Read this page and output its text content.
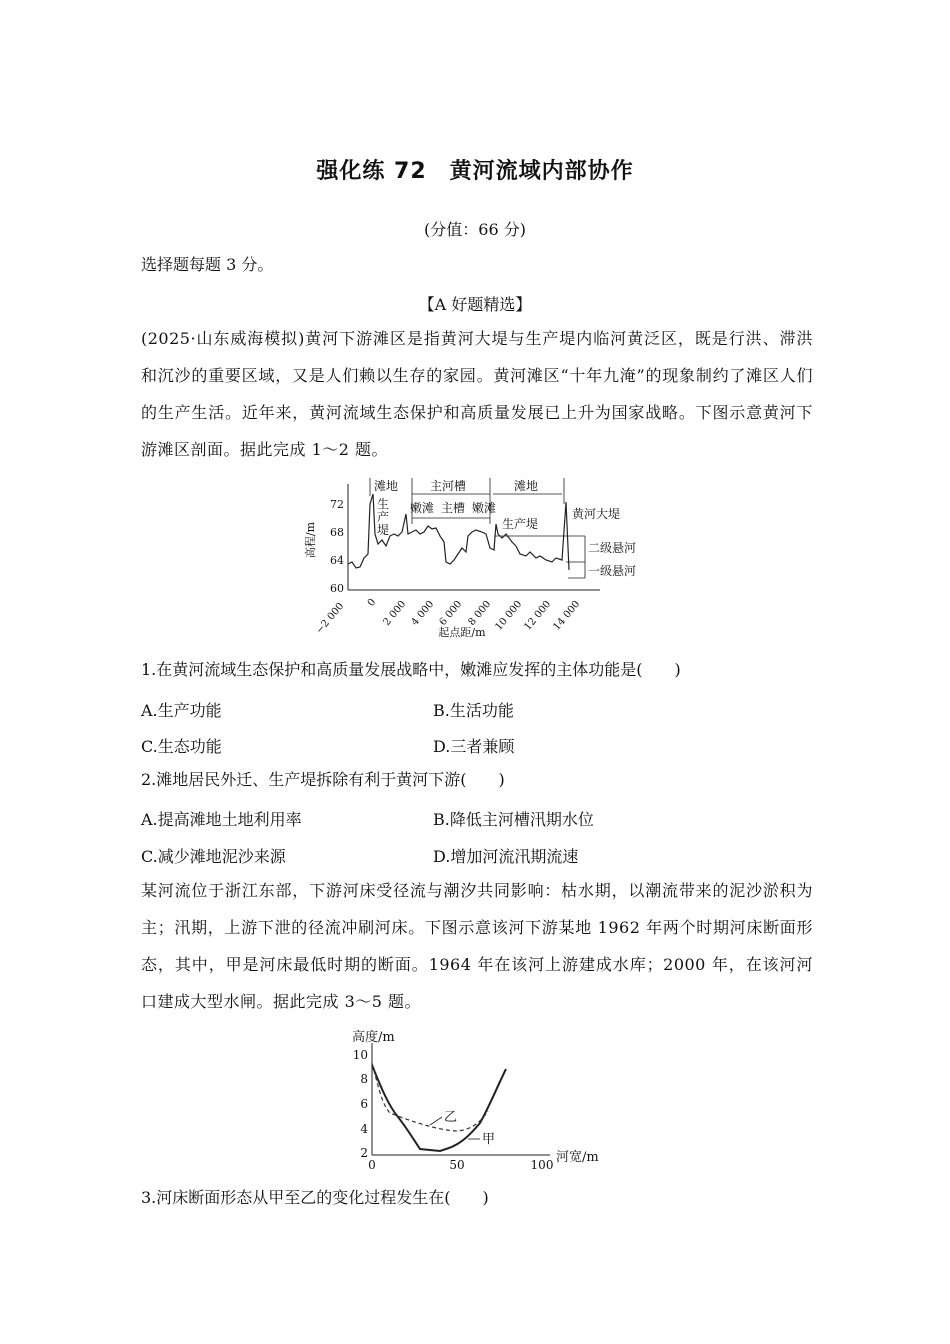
强化练 72　黄河流域内部协作
(分值：66 分)
选择题每题 3 分。
【A 好题精选】
(2025·山东威海模拟)黄河下游滩区是指黄河大堤与生产堤内临河黄泛区，既是行洪、滞洪和沉沙的重要区域，又是人们赖以生存的家园。黄河滩区“十年九淹”的现象制约了滩区人们的生产生活。近年来，黄河流域生态保护和高质量发展已上升为国家战略。下图示意黄河下游滩区剖面。据此完成 1～2 题。
72
68
64
60
高程/m
−2 000 0 2 000 4 000 6 000 8 000 10 000
12 000
14 000
起点距/m
滩地	主河槽	滩地
嫩滩 主槽 嫩滩
生
产
堤	生产堤
黄河大堤
二级悬河
一级悬河
1.在黄河流域生态保护和高质量发展战略中，嫩滩应发挥的主体功能是(　　)
A.生产功能	B.生活功能
C.生态功能	D.三者兼顾
2.滩地居民外迁、生产堤拆除有利于黄河下游(　　)
A.提高滩地土地利用率	B.降低主河槽汛期水位
C.减少滩地泥沙来源	D.增加河流汛期流速
某河流位于浙江东部，下游河床受径流与潮汐共同影响：枯水期，以潮流带来的泥沙淤积为主；汛期，上游下泄的径流冲刷河床。下图示意该河下游某地 1962 年两个时期河床断面形态，其中，甲是河床最低时期的断面。1964 年在该河上游建成水库；2000 年，在该河河口建成大型水闸。据此完成 3～5 题。
高度/m
10
8
6
4
2
0	50	100 河宽/m
乙
甲
3.河床断面形态从甲至乙的变化过程发生在(　　)
